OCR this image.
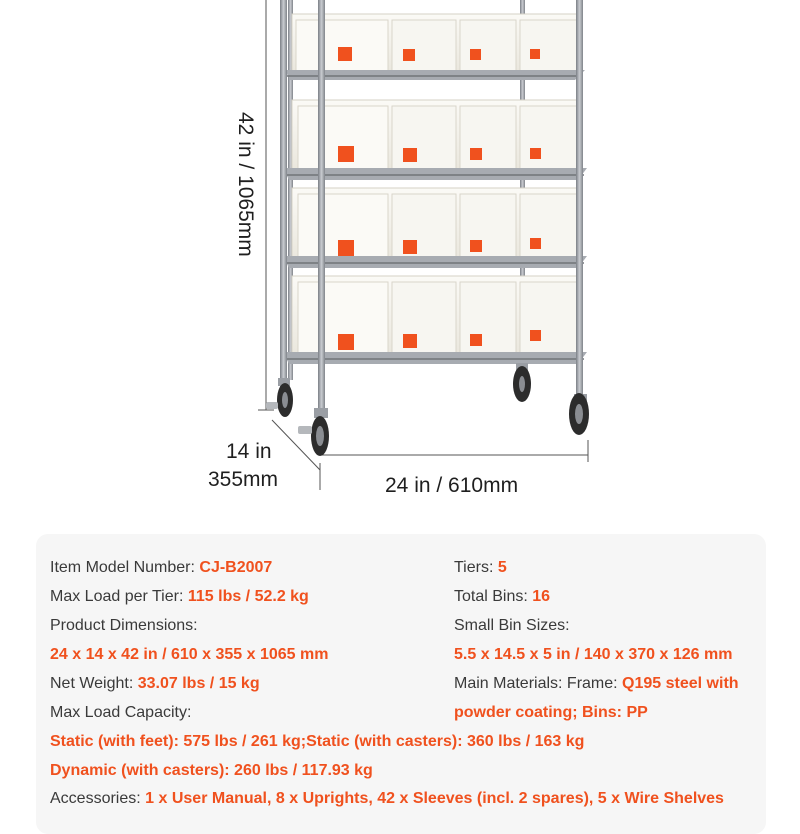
42 in / 1065mm
14 in
355mm	24 in / 610mm
Item Model Number: CJ-B2007
Max Load per Tier: 115 lbs / 52.2 kg
Product Dimensions:
24 x 14 x 42 in / 610 x 355 x 1065 mm
Net Weight: 33.07 lbs / 15 kg
Max Load Capacity:
Static (with feet): 575 lbs / 261 kg;Static (with casters): 360 lbs / 163 kg
Dynamic (with casters): 260 lbs / 117.93 kg
Accessories: 1 x User Manual, 8 x Uprights, 42 x Sleeves (incl. 2 spares), 5 x Wire Shelves
Tiers: 5
Total Bins: 16
Small Bin Sizes:
5.5 x 14.5 x 5 in / 140 x 370 x 126 mm
Main Materials: Frame: Q195 steel with
powder coating; Bins: PP
